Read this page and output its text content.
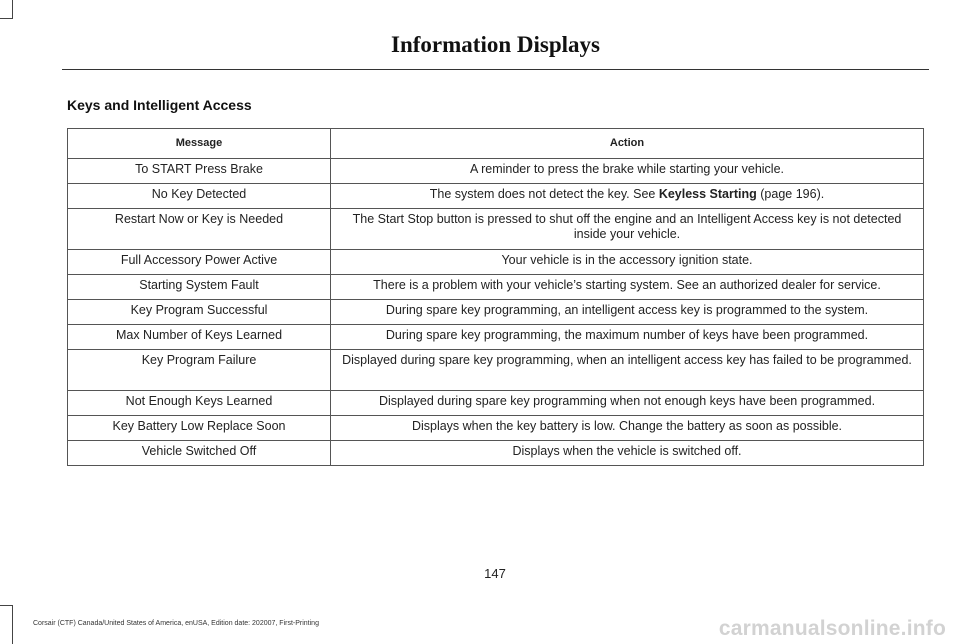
Information Displays
Keys and Intelligent Access
Message	Action
To START Press Brake	A reminder to press the brake while starting your vehicle.
No Key Detected	The system does not detect the key. See Keyless Starting (page 196).
Restart Now or Key is Needed	The Start Stop button is pressed to shut off the engine and an Intelligent Access key is not detected inside your vehicle.
Full Accessory Power Active	Your vehicle is in the accessory ignition state.
Starting System Fault	There is a problem with your vehicle’s starting system. See an authorized dealer for service.
Key Program Successful	During spare key programming, an intelligent access key is programmed to the system.
Max Number of Keys Learned	During spare key programming, the maximum number of keys have been programmed.
Key Program Failure	Displayed during spare key programming, when an intelligent access key has failed to be programmed.
Not Enough Keys Learned	Displayed during spare key programming when not enough keys have been programmed.
Key Battery Low Replace Soon	Displays when the key battery is low. Change the battery as soon as possible.
Vehicle Switched Off	Displays when the vehicle is switched off.
147
Corsair (CTF) Canada/United States of America, enUSA, Edition date: 202007, First-Printing	carmanualsonline.info
